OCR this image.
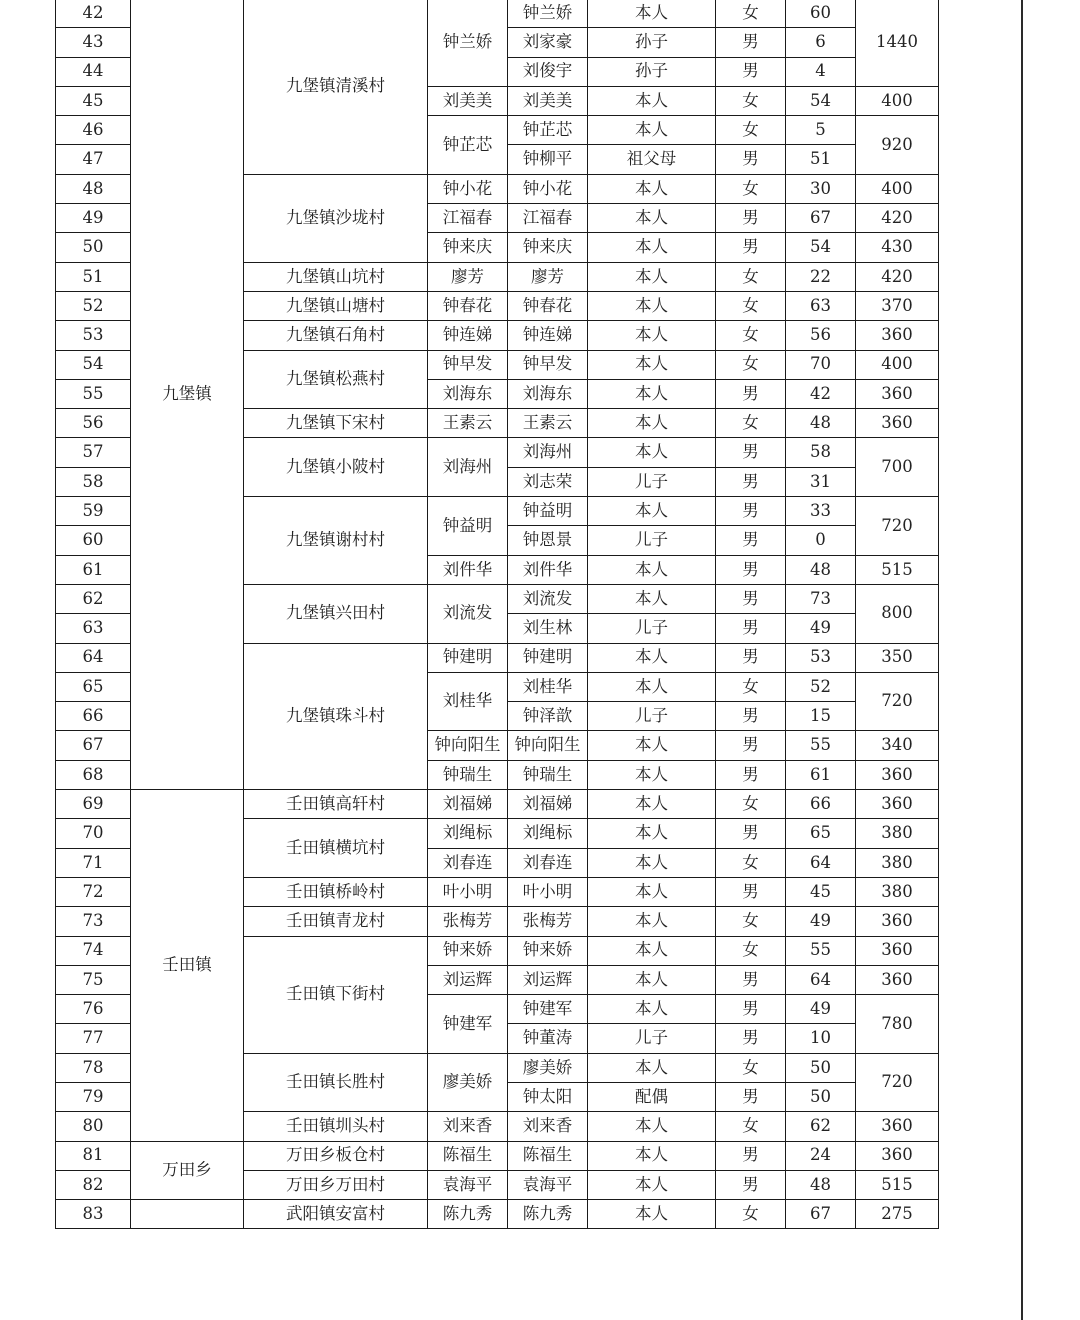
42	九堡镇	九堡镇清溪村	钟兰娇	钟兰娇	本人	女	60	1440
43				刘家豪	孙子	男	6	
44				刘俊宇	孙子	男	4	
45			刘美美	刘美美	本人	女	54	400
46			钟芷芯	钟芷芯	本人	女	5	920
47				钟柳平	祖父母	男	51	
48		九堡镇沙垅村	钟小花	钟小花	本人	女	30	400
49			江福春	江福春	本人	男	67	420
50			钟来庆	钟来庆	本人	男	54	430
51		九堡镇山坑村	廖芳	廖芳	本人	女	22	420
52		九堡镇山塘村	钟春花	钟春花	本人	女	63	370
53		九堡镇石角村	钟连娣	钟连娣	本人	女	56	360
54		九堡镇松燕村	钟早发	钟早发	本人	女	70	400
55			刘海东	刘海东	本人	男	42	360
56		九堡镇下宋村	王素云	王素云	本人	女	48	360
57		九堡镇小陂村	刘海州	刘海州	本人	男	58	700
58				刘志荣	儿子	男	31	
59		九堡镇谢村村	钟益明	钟益明	本人	男	33	720
60				钟恩景	儿子	男	0	
61			刘件华	刘件华	本人	男	48	515
62		九堡镇兴田村	刘流发	刘流发	本人	男	73	800
63				刘生林	儿子	男	49	
64		九堡镇珠斗村	钟建明	钟建明	本人	男	53	350
65			刘桂华	刘桂华	本人	女	52	720
66				钟泽歆	儿子	男	15	
67			钟向阳生	钟向阳生	本人	男	55	340
68			钟瑞生	钟瑞生	本人	男	61	360
69	壬田镇	壬田镇高轩村	刘福娣	刘福娣	本人	女	66	360
70		壬田镇横坑村	刘绳标	刘绳标	本人	男	65	380
71			刘春连	刘春连	本人	女	64	380
72		壬田镇桥岭村	叶小明	叶小明	本人	男	45	380
73		壬田镇青龙村	张梅芳	张梅芳	本人	女	49	360
74		壬田镇下街村	钟来娇	钟来娇	本人	女	55	360
75			刘运辉	刘运辉	本人	男	64	360
76			钟建军	钟建军	本人	男	49	780
77				钟董涛	儿子	男	10	
78		壬田镇长胜村	廖美娇	廖美娇	本人	女	50	720
79				钟太阳	配偶	男	50	
80		壬田镇圳头村	刘来香	刘来香	本人	女	62	360
81	万田乡	万田乡板仓村	陈福生	陈福生	本人	男	24	360
82		万田乡万田村	袁海平	袁海平	本人	男	48	515
83		武阳镇安富村	陈九秀	陈九秀	本人	女	67	275
